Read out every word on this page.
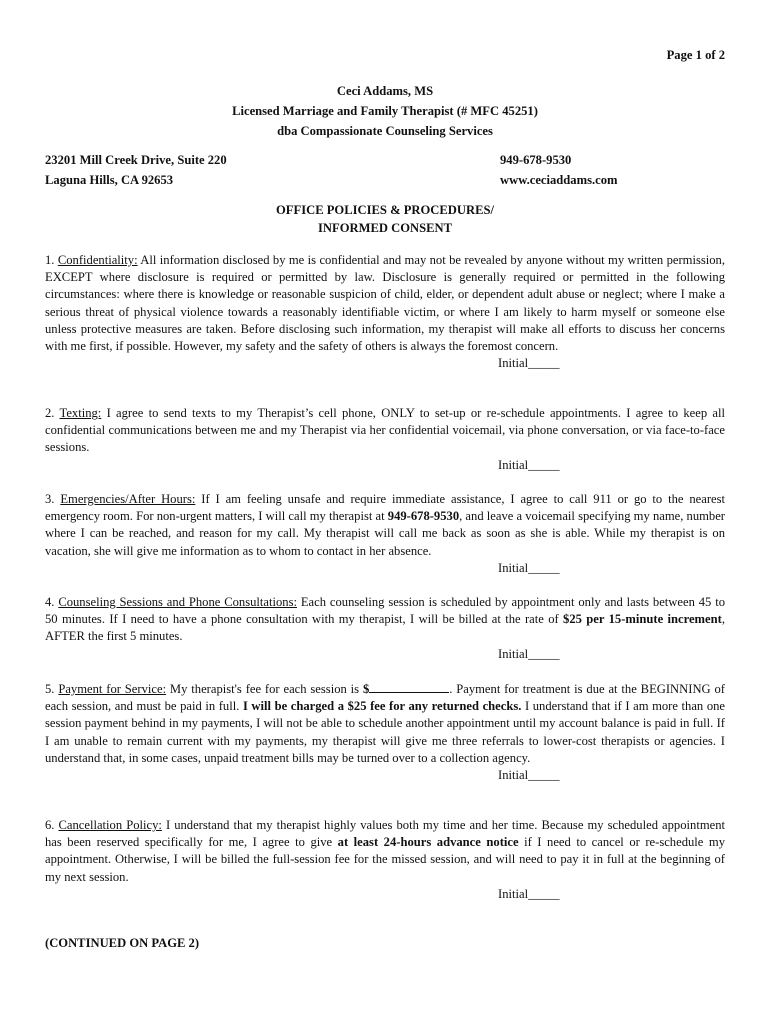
Page 1 of 2
Ceci Addams, MS
Licensed Marriage and Family Therapist (# MFC 45251)
dba Compassionate Counseling Services
23201 Mill Creek Drive, Suite 220
Laguna Hills, CA 92653
949-678-9530
www.ceciaddams.com
OFFICE POLICIES & PROCEDURES/
INFORMED CONSENT

1. Confidentiality: All information disclosed by me is confidential and may not be revealed by anyone without my written permission, EXCEPT where disclosure is required or permitted by law. Disclosure is generally required or permitted in the following circumstances: where there is knowledge or reasonable suspicion of child, elder, or dependent adult abuse or neglect; where I make a serious threat of physical violence towards a reasonably identifiable victim, or where I am likely to harm myself or someone else unless protective measures are taken. Before disclosing such information, my therapist will make all efforts to discuss her concerns with me first, if possible. However, my safety and the safety of others is always the foremost concern.

Initial_____

2. Texting: I agree to send texts to my Therapist’s cell phone, ONLY to set-up or re-schedule appointments. I agree to keep all confidential communications between me and my Therapist via her confidential voicemail, via phone conversation, or via face-to-face sessions.

Initial_____

3. Emergencies/After Hours: If I am feeling unsafe and require immediate assistance, I agree to call 911 or go to the nearest emergency room. For non-urgent matters, I will call my therapist at 949-678-9530, and leave a voicemail specifying my name, number where I can be reached, and reason for my call. My therapist will call me back as soon as she is able. While my therapist is on vacation, she will give me information as to whom to contact in her absence.

Initial_____

4. Counseling Sessions and Phone Consultations: Each counseling session is scheduled by appointment only and lasts between 45 to 50 minutes. If I need to have a phone consultation with my therapist, I will be billed at the rate of $25 per 15-minute increment, AFTER the first 5 minutes.

Initial_____

5. Payment for Service: My therapist's fee for each session is $	. Payment for treatment is due at the BEGINNING of each session, and must be paid in full. I will be charged a $25 fee for any returned checks. I understand that if I am more than one session payment behind in my payments, I will not be able to schedule another appointment until my account balance is paid in full. If I am unable to remain current with my payments, my therapist will give me three referrals to lower-cost therapists or agencies. I understand that, in some cases, unpaid treatment bills may be turned over to a collection agency.

Initial_____

6. Cancellation Policy: I understand that my therapist highly values both my time and her time. Because my scheduled appointment has been reserved specifically for me, I agree to give at least 24-hours advance notice if I need to cancel or re-schedule my appointment. Otherwise, I will be billed the full-session fee for the missed session, and will need to pay it in full at the beginning of my next session.

Initial_____
(CONTINUED ON PAGE 2)
